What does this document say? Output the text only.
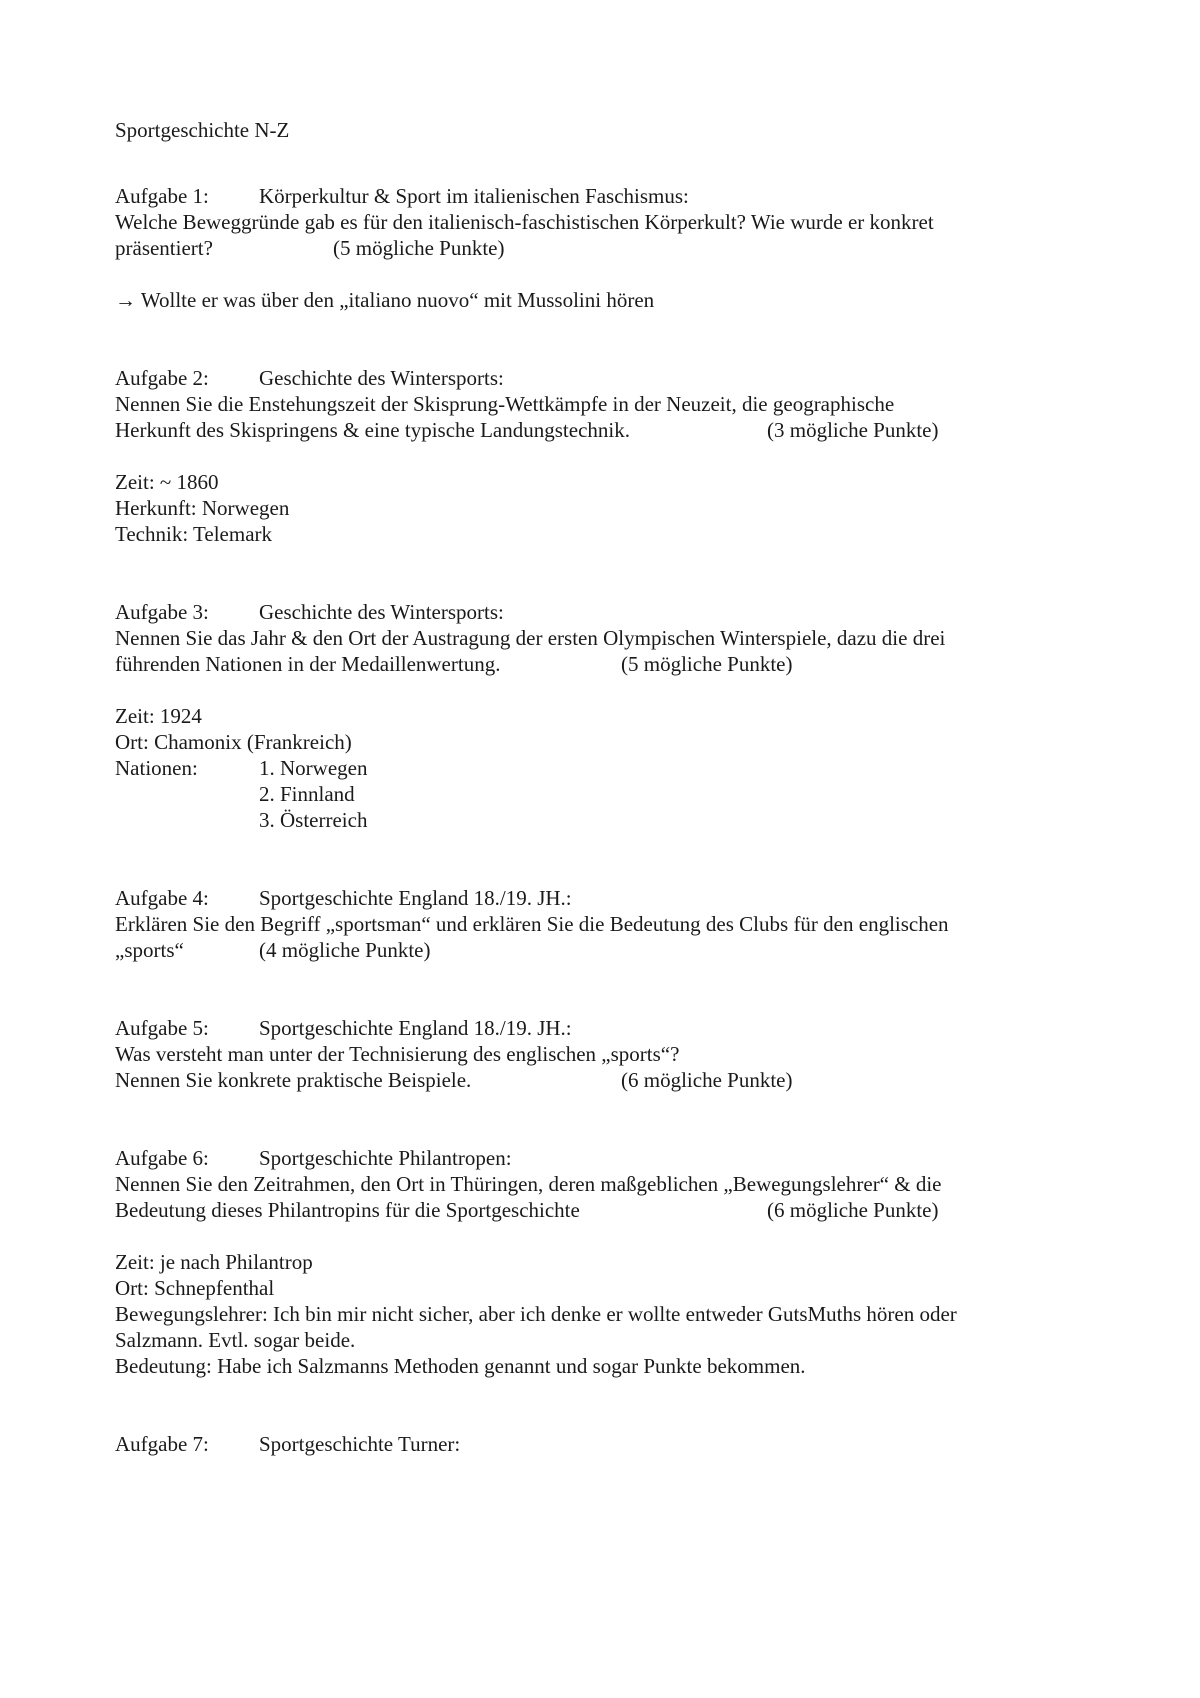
Sportgeschichte N-Z
Aufgabe 1: Körperkultur & Sport im italienischen Faschismus:
Welche Beweggründe gab es für den italienisch-faschistischen Körperkult? Wie wurde er konkret
präsentiert?	(5 mögliche Punkte)
→ Wollte er was über den „italiano nuovo“ mit Mussolini hören
Aufgabe 2: Geschichte des Wintersports:
Nennen Sie die Enstehungszeit der Skisprung-Wettkämpfe in der Neuzeit, die geographische
Herkunft des Skispringens & eine typische Landungstechnik.	(3 mögliche Punkte)
Zeit: ~ 1860
Herkunft: Norwegen
Technik: Telemark
Aufgabe 3: Geschichte des Wintersports:
Nennen Sie das Jahr & den Ort der Austragung der ersten Olympischen Winterspiele, dazu die drei
führenden Nationen in der Medaillenwertung.	(5 mögliche Punkte)
Zeit: 1924
Ort: Chamonix (Frankreich)
Nationen:	1. Norwegen
2. Finnland
3. Österreich
Aufgabe 4: Sportgeschichte England 18./19. JH.:
Erklären Sie den Begriff „sportsman“ und erklären Sie die Bedeutung des Clubs für den englischen
„sports“	(4 mögliche Punkte)
Aufgabe 5: Sportgeschichte England 18./19. JH.:
Was versteht man unter der Technisierung des englischen „sports“?
Nennen Sie konkrete praktische Beispiele.	(6 mögliche Punkte)
Aufgabe 6: Sportgeschichte Philantropen:
Nennen Sie den Zeitrahmen, den Ort in Thüringen, deren maßgeblichen „Bewegungslehrer“ & die
Bedeutung dieses Philantropins für die Sportgeschichte	(6 mögliche Punkte)
Zeit: je nach Philantrop
Ort: Schnepfenthal
Bewegungslehrer: Ich bin mir nicht sicher, aber ich denke er wollte entweder GutsMuths hören oder
Salzmann. Evtl. sogar beide.
Bedeutung: Habe ich Salzmanns Methoden genannt und sogar Punkte bekommen.
Aufgabe 7: Sportgeschichte Turner:
